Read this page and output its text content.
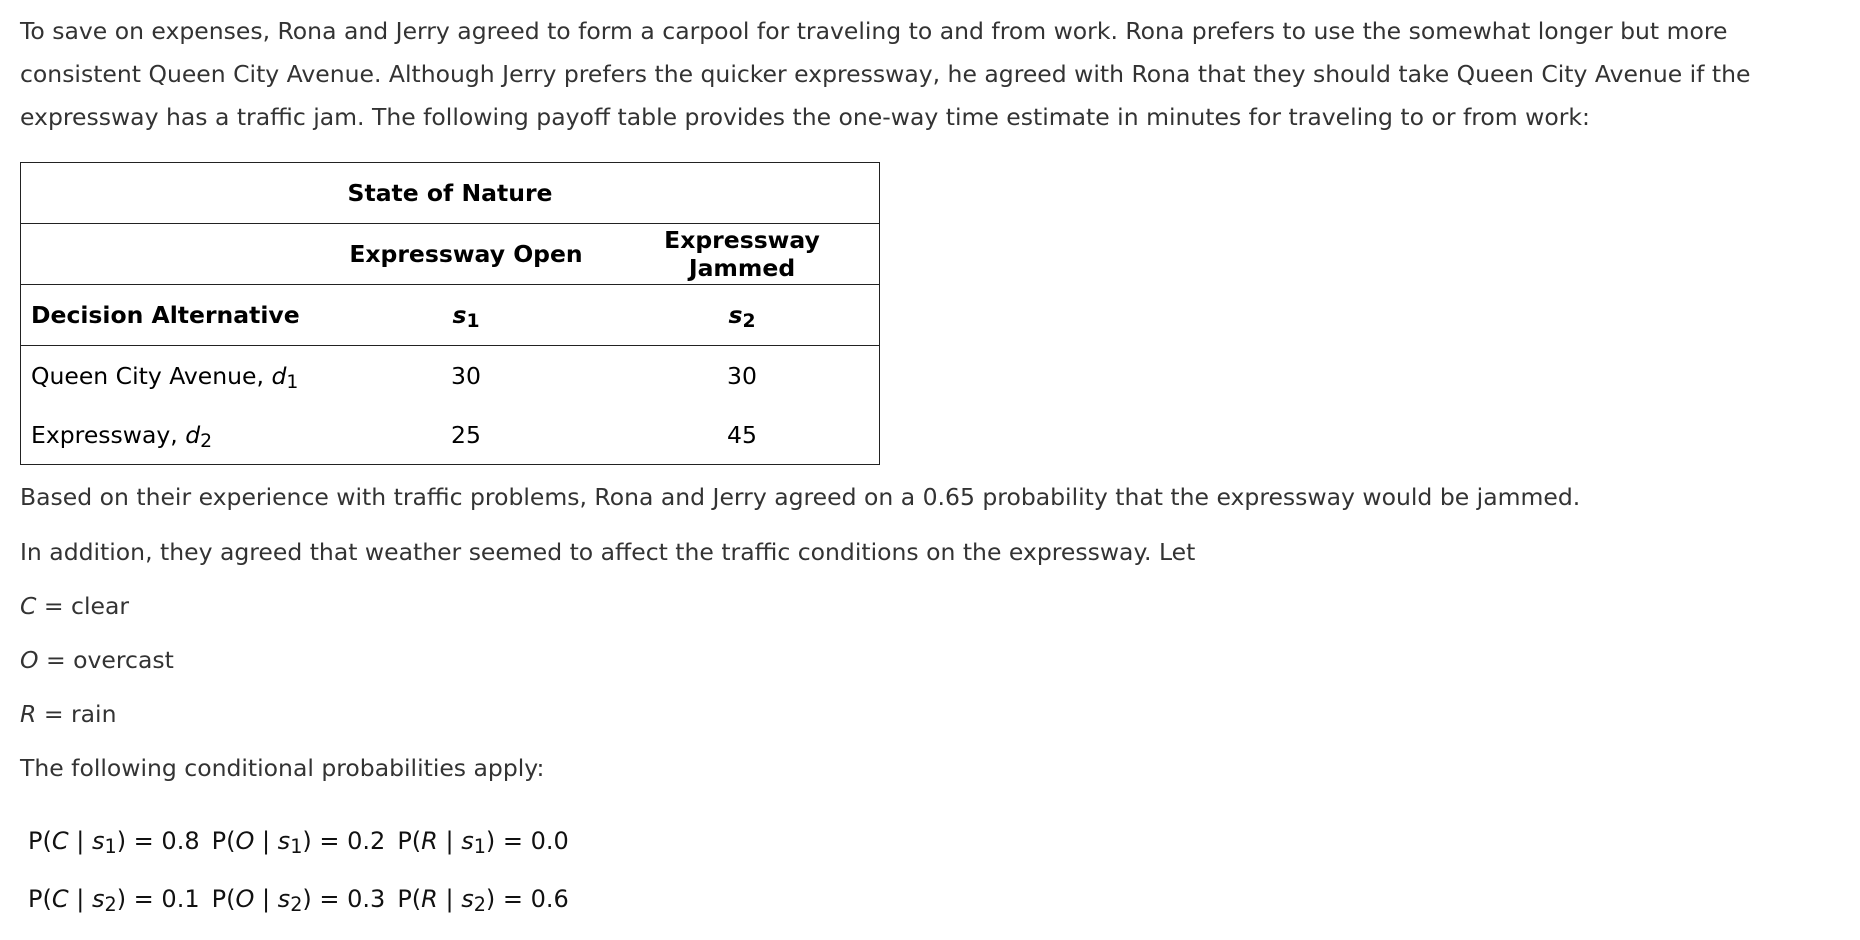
To save on expenses, Rona and Jerry agreed to form a carpool for traveling to and from work. Rona prefers to use the somewhat longer but more consistent Queen City Avenue. Although Jerry prefers the quicker expressway, he agreed with Rona that they should take Queen City Avenue if the expressway has a traffic jam. The following payoff table provides the one-way time estimate in minutes for traveling to or from work:

State of Nature		
	Expressway Open	Expressway Jammed
Decision Alternative	$s_1$	$s_2$
Queen City Avenue, $d_1$	30	30
Expressway, $d_2$	25	45

Based on their experience with traffic problems, Rona and Jerry agreed on a 0.65 probability that the expressway would be jammed.

In addition, they agreed that weather seemed to affect the traffic conditions on the expressway. Let

C = clear

O = overcast

R = rain

The following conditional probabilities apply:

P(C | $s_1) = 0.8$ P(O | $s_1) = 0.2$ P(R | $s_1) = 0.0$

P(C | $s_2) = 0.1$ P(O | $s_2) = 0.3$ P(R | $s_2) = 0.6$
